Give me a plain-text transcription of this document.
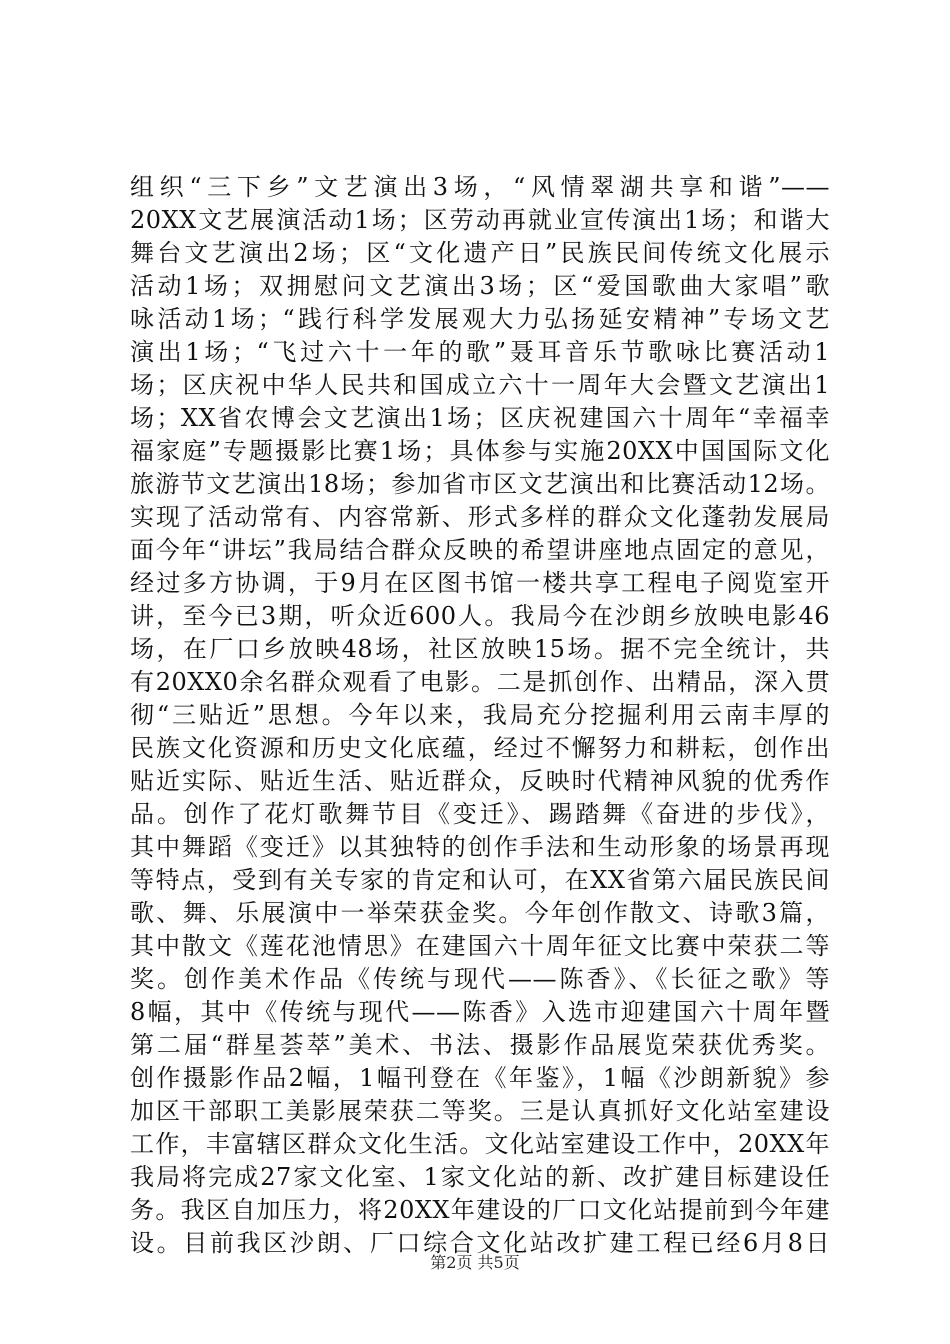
组织“三下乡”文艺演出3场，“风情翠湖共享和谐”——
20XX文艺展演活动1场；区劳动再就业宣传演出1场；和谐大
舞台文艺演出2场；区“文化遗产日”民族民间传统文化展示
活动1场；双拥慰问文艺演出3场；区“爱国歌曲大家唱”歌
咏活动1场；“践行科学发展观大力弘扬延安精神”专场文艺
演出1场；“飞过六十一年的歌”聂耳音乐节歌咏比赛活动1
场；区庆祝中华人民共和国成立六十一周年大会暨文艺演出1
场；XX省农博会文艺演出1场；区庆祝建国六十周年“幸福幸
福家庭”专题摄影比赛1场；具体参与实施20XX中国国际文化
旅游节文艺演出18场；参加省市区文艺演出和比赛活动12场。
实现了活动常有、内容常新、形式多样的群众文化蓬勃发展局
面今年“讲坛”我局结合群众反映的希望讲座地点固定的意见，
经过多方协调，于9月在区图书馆一楼共享工程电子阅览室开
讲，至今已3期，听众近600人。我局今在沙朗乡放映电影46
场，在厂口乡放映48场，社区放映15场。据不完全统计，共
有20XX0余名群众观看了电影。二是抓创作、出精品，深入贯
彻“三贴近”思想。今年以来，我局充分挖掘利用云南丰厚的
民族文化资源和历史文化底蕴，经过不懈努力和耕耘，创作出
贴近实际、贴近生活、贴近群众，反映时代精神风貌的优秀作
品。创作了花灯歌舞节目《变迁》、踢踏舞《奋进的步伐》，
其中舞蹈《变迁》以其独特的创作手法和生动形象的场景再现
等特点，受到有关专家的肯定和认可，在XX省第六届民族民间
歌、舞、乐展演中一举荣获金奖。今年创作散文、诗歌3篇，
其中散文《莲花池情思》在建国六十周年征文比赛中荣获二等
奖。创作美术作品《传统与现代——陈香》、《长征之歌》等
8幅，其中《传统与现代——陈香》入选市迎建国六十周年暨
第二届“群星荟萃”美术、书法、摄影作品展览荣获优秀奖。
创作摄影作品2幅，1幅刊登在《年鉴》，1幅《沙朗新貌》参
加区干部职工美影展荣获二等奖。三是认真抓好文化站室建设
工作，丰富辖区群众文化生活。文化站室建设工作中，20XX年
我局将完成27家文化室、1家文化站的新、改扩建目标建设任
务。我区自加压力，将20XX年建设的厂口文化站提前到今年建
设。目前我区沙朗、厂口综合文化站改扩建工程已经6月8日
第2页 共5页
